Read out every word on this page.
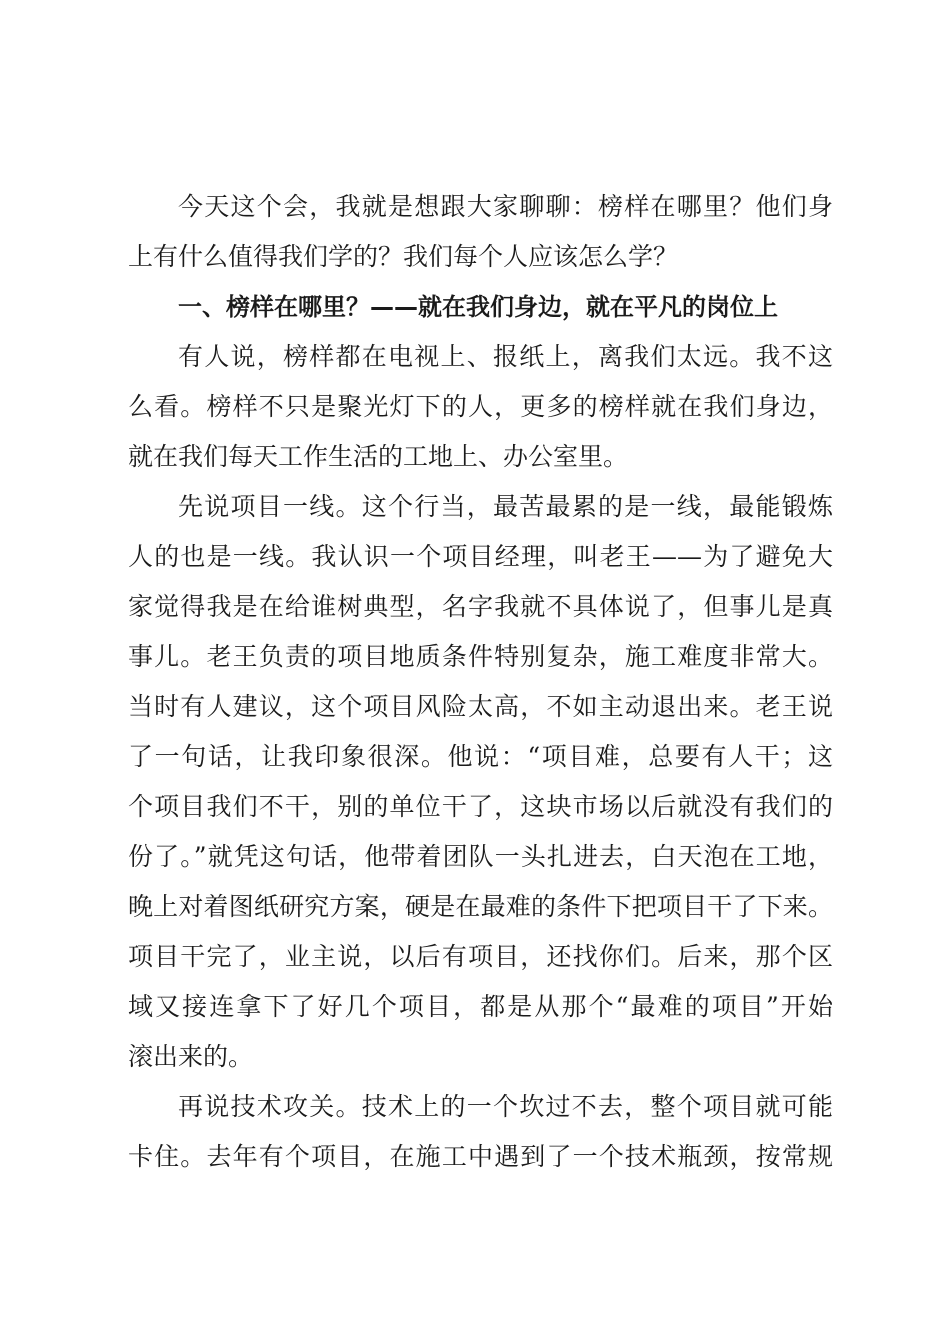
今天这个会，我就是想跟大家聊聊：榜样在哪里？他们身
上有什么值得我们学的？我们每个人应该怎么学？
一、榜样在哪里？——就在我们身边，就在平凡的岗位上
有人说，榜样都在电视上、报纸上，离我们太远。我不这
么看。榜样不只是聚光灯下的人，更多的榜样就在我们身边，
就在我们每天工作生活的工地上、办公室里。
先说项目一线。这个行当，最苦最累的是一线，最能锻炼
人的也是一线。我认识一个项目经理，叫老王——为了避免大
家觉得我是在给谁树典型，名字我就不具体说了，但事儿是真
事儿。老王负责的项目地质条件特别复杂，施工难度非常大。
当时有人建议，这个项目风险太高，不如主动退出来。老王说
了一句话，让我印象很深。他说：“项目难，总要有人干；这
个项目我们不干，别的单位干了，这块市场以后就没有我们的
份了。”就凭这句话，他带着团队一头扎进去，白天泡在工地，
晚上对着图纸研究方案，硬是在最难的条件下把项目干了下来。
项目干完了，业主说，以后有项目，还找你们。后来，那个区
域又接连拿下了好几个项目，都是从那个“最难的项目”开始
滚出来的。
再说技术攻关。技术上的一个坎过不去，整个项目就可能
卡住。去年有个项目，在施工中遇到了一个技术瓶颈，按常规
